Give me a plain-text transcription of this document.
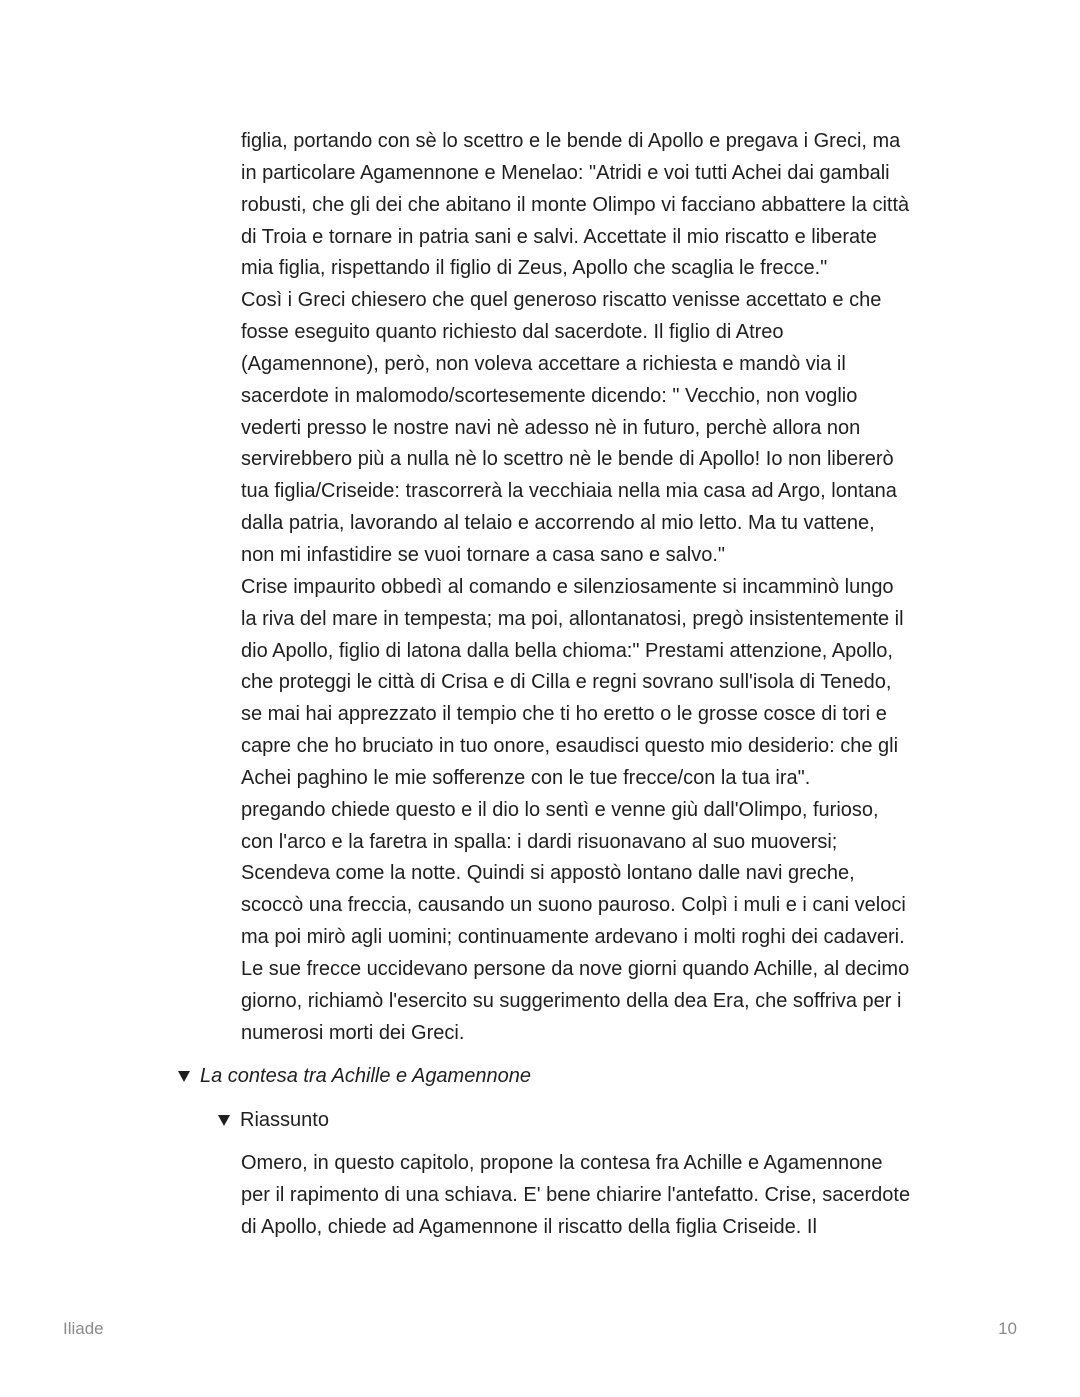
figlia, portando con sè lo scettro e le bende di Apollo e pregava i Greci, ma
in particolare Agamennone e Menelao: "Atridi e voi tutti Achei dai gambali
robusti, che gli dei che abitano il monte Olimpo vi facciano abbattere la città
di Troia e tornare in patria sani e salvi. Accettate il mio riscatto e liberate
mia figlia, rispettando il figlio di Zeus, Apollo che scaglia le frecce."
Così i Greci chiesero che quel generoso riscatto venisse accettato e che
fosse eseguito quanto richiesto dal sacerdote. Il figlio di Atreo
(Agamennone), però, non voleva accettare a richiesta e mandò via il
sacerdote in malomodo/scortesemente dicendo: " Vecchio, non voglio
vederti presso le nostre navi nè adesso nè in futuro, perchè allora non
servirebbero più a nulla nè lo scettro nè le bende di Apollo! Io non libererò
tua figlia/Criseide: trascorrerà la vecchiaia nella mia casa ad Argo, lontana
dalla patria, lavorando al telaio e accorrendo al mio letto. Ma tu vattene,
non mi infastidire se vuoi tornare a casa sano e salvo."
Crise impaurito obbedì al comando e silenziosamente si incamminò lungo
la riva del mare in tempesta; ma poi, allontanatosi, pregò insistentemente il
dio Apollo, figlio di latona dalla bella chioma:" Prestami attenzione, Apollo,
che proteggi le città di Crisa e di Cilla e regni sovrano sull'isola di Tenedo,
se mai hai apprezzato il tempio che ti ho eretto o le grosse cosce di tori e
capre che ho bruciato in tuo onore, esaudisci questo mio desiderio: che gli
Achei paghino le mie sofferenze con le tue frecce/con la tua ira".
pregando chiede questo e il dio lo sentì e venne giù dall'Olimpo, furioso,
con l'arco e la faretra in spalla: i dardi risuonavano al suo muoversi;
Scendeva come la notte. Quindi si appostò lontano dalle navi greche,
scoccò una freccia, causando un suono pauroso. Colpì i muli e i cani veloci
ma poi mirò agli uomini; continuamente ardevano i molti roghi dei cadaveri.
Le sue frecce uccidevano persone da nove giorni quando Achille, al decimo
giorno, richiamò l'esercito su suggerimento della dea Era, che soffriva per i
numerosi morti dei Greci.
La contesa tra Achille e Agamennone
Riassunto
Omero, in questo capitolo, propone la contesa fra Achille e Agamennone
per il rapimento di una schiava. E' bene chiarire l'antefatto. Crise, sacerdote
di Apollo, chiede ad Agamennone il riscatto della figlia Criseide. Il
Iliade	10
